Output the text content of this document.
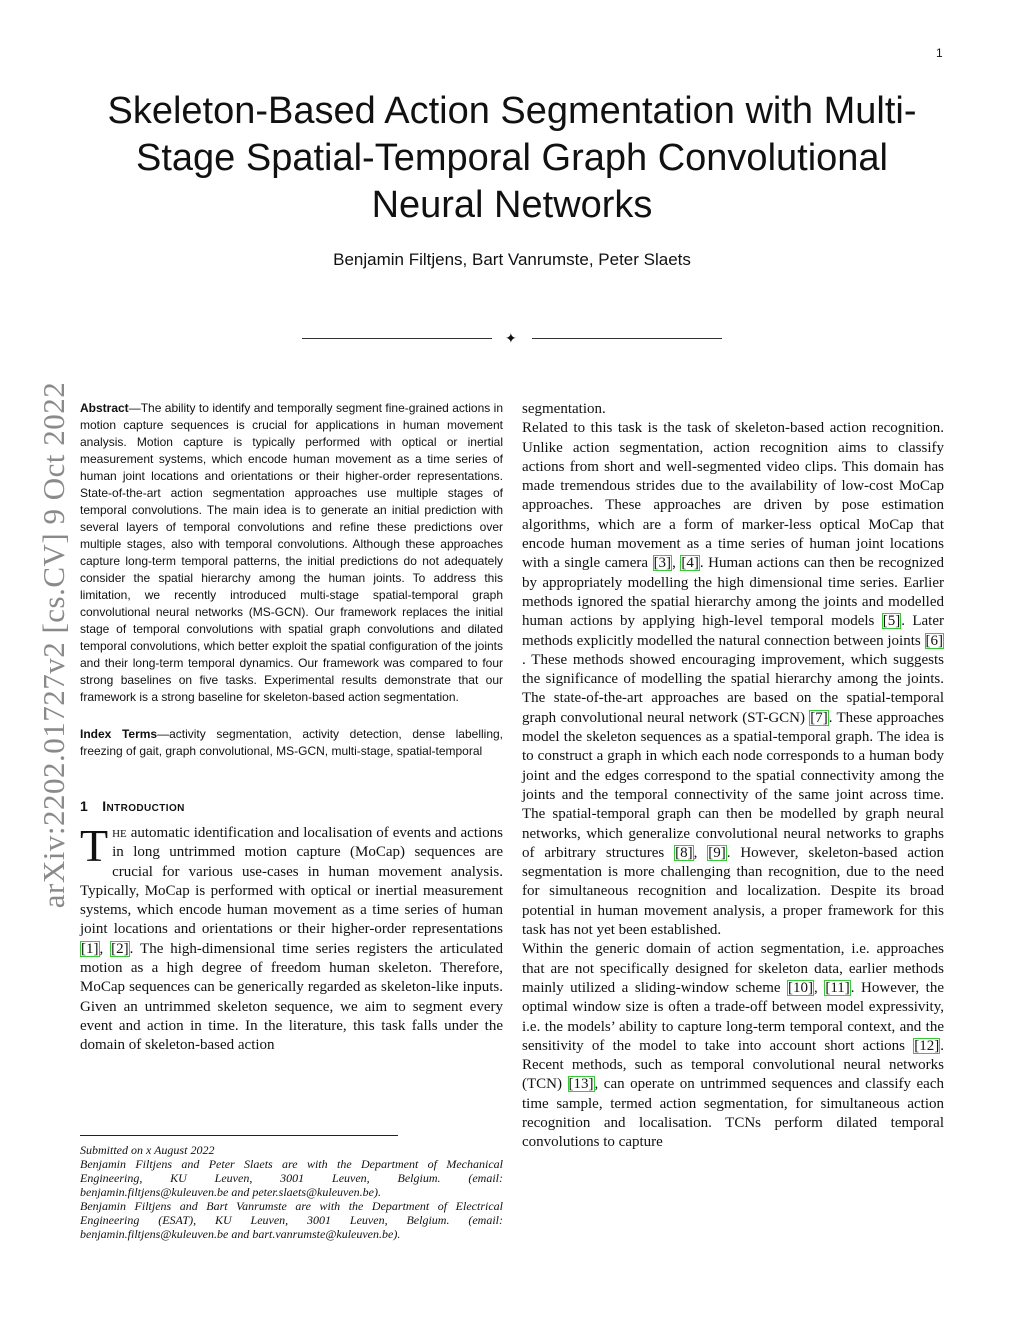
1
Skeleton-Based Action Segmentation with Multi-Stage Spatial-Temporal Graph Convolutional Neural Networks
Benjamin Filtjens, Bart Vanrumste, Peter Slaets
✦
arXiv:2202.01727v2 [cs.CV] 9 Oct 2022 Abstract—The ability to identify and temporally segment fine-grained actions in motion capture sequences is crucial for applications in human movement analysis. Motion capture is typically performed with optical or inertial measurement systems, which encode human movement as a time series of human joint locations and orientations or their higher-order representations. State-of-the-art action segmentation approaches use multiple stages of temporal convolutions. The main idea is to generate an initial prediction with several layers of temporal convolutions and refine these predictions over multiple stages, also with temporal convolutions. Although these approaches capture long-term temporal patterns, the initial predictions do not adequately consider the spatial hierarchy among the human joints. To address this limitation, we recently introduced multi-stage spatial-temporal graph convolutional neural networks (MS-GCN). Our framework replaces the initial stage of temporal convolutions with spatial graph convolutions and dilated temporal convolutions, which better exploit the spatial configuration of the joints and their long-term temporal dynamics. Our framework was compared to four strong baselines on five tasks. Experimental results demonstrate that our framework is a strong baseline for skeleton-based action segmentation.

Index Terms—activity segmentation, activity detection, dense labelling, freezing of gait, graph convolutional, MS-GCN, multi-stage, spatial-temporal

1 Introduction

The automatic identification and localisation of events and actions in long untrimmed motion capture (MoCap) sequences are crucial for various use-cases in human movement analysis. Typically, MoCap is performed with optical or inertial measurement systems, which encode human movement as a time series of human joint locations and orientations or their higher-order representations [1], [2]. The high-dimensional time series registers the articulated motion as a high degree of freedom human skeleton. Therefore, MoCap sequences can be generically regarded as skeleton-like inputs. Given an untrimmed skeleton sequence, we aim to segment every event and action in time. In the literature, this task falls under the domain of skeleton-based action

Submitted on x August 2022

Benjamin Filtjens and Peter Slaets are with the Department of Mechanical Engineering, KU Leuven, 3001 Leuven, Belgium. (email: benjamin.filtjens@kuleuven.be and peter.slaets@kuleuven.be).

Benjamin Filtjens and Bart Vanrumste are with the Department of Electrical Engineering (ESAT), KU Leuven, 3001 Leuven, Belgium. (email: benjamin.filtjens@kuleuven.be and bart.vanrumste@kuleuven.be).

segmentation.

Related to this task is the task of skeleton-based action recognition. Unlike action segmentation, action recognition aims to classify actions from short and well-segmented video clips. This domain has made tremendous strides due to the availability of low-cost MoCap approaches. These approaches are driven by pose estimation algorithms, which are a form of marker-less optical MoCap that encode human movement as a time series of human joint locations with a single camera [3], [4]. Human actions can then be recognized by appropriately modelling the high dimensional time series. Earlier methods ignored the spatial hierarchy among the joints and modelled human actions by applying high-level temporal models [5]. Later methods explicitly modelled the natural connection between joints [6]. These methods showed encouraging improvement, which suggests the significance of modelling the spatial hierarchy among the joints. The state-of-the-art approaches are based on the spatial-temporal graph convolutional neural network (ST-GCN) [7]. These approaches model the skeleton sequences as a spatial-temporal graph. The idea is to construct a graph in which each node corresponds to a human body joint and the edges correspond to the spatial connectivity among the joints and the temporal connectivity of the same joint across time. The spatial-temporal graph can then be modelled by graph neural networks, which generalize convolutional neural networks to graphs of arbitrary structures [8], [9]. However, skeleton-based action segmentation is more challenging than recognition, due to the need for simultaneous recognition and localization. Despite its broad potential in human movement analysis, a proper framework for this task has not yet been established.

Within the generic domain of action segmentation, i.e. approaches that are not specifically designed for skeleton data, earlier methods mainly utilized a sliding-window scheme [10], [11]. However, the optimal window size is often a trade-off between model expressivity, i.e. the models’ ability to capture long-term temporal context, and the sensitivity of the model to take into account short actions [12]. Recent methods, such as temporal convolutional neural networks (TCN) [13], can operate on untrimmed sequences and classify each time sample, termed action segmentation, for simultaneous action recognition and localisation. TCNs perform dilated temporal convolutions to capture
